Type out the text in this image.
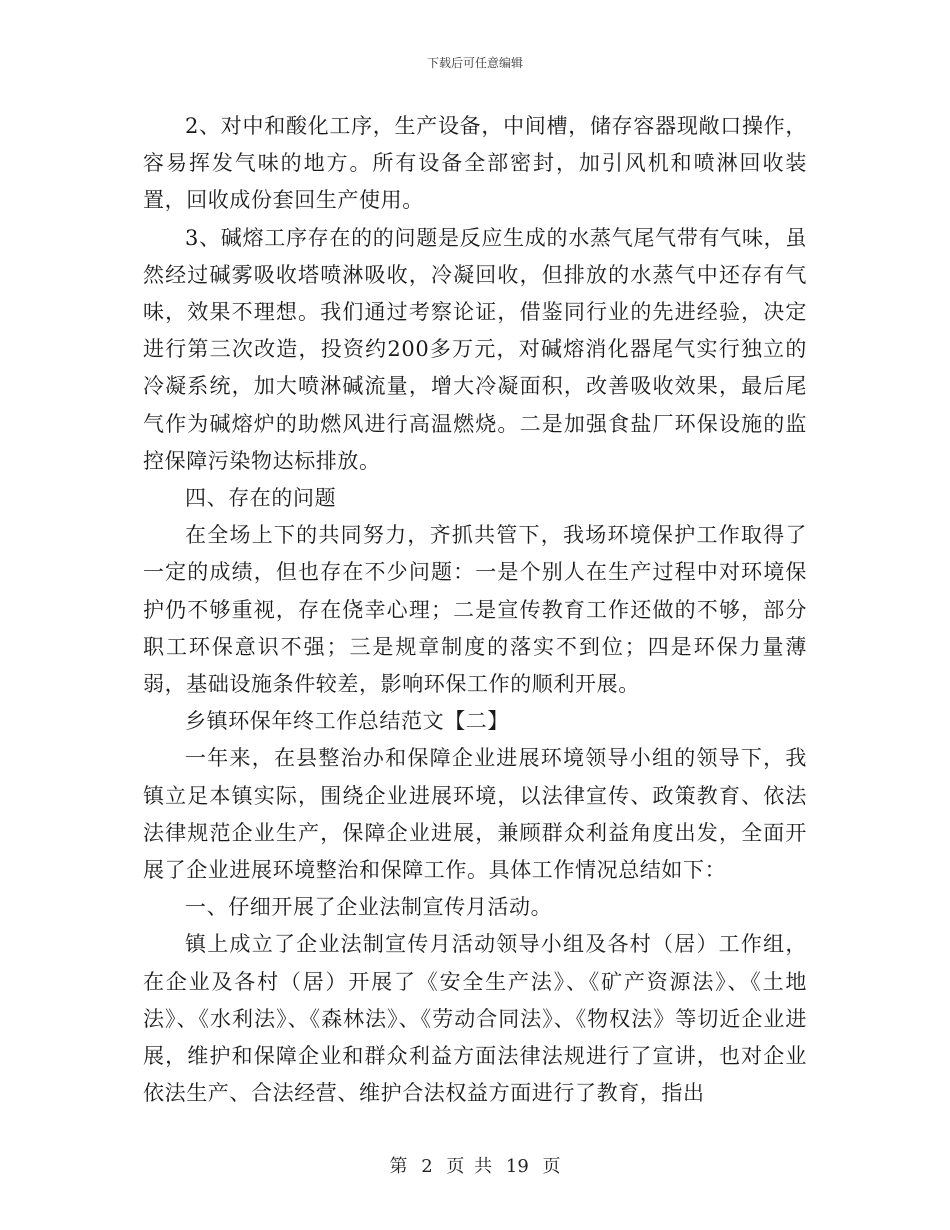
下载后可任意编辑

2、对中和酸化工序，生产设备，中间槽，储存容器现敞口操作，容易挥发气味的地方。所有设备全部密封，加引风机和喷淋回收装置，回收成份套回生产使用。

3、碱熔工序存在的的问题是反应生成的水蒸气尾气带有气味，虽然经过碱雾吸收塔喷淋吸收，冷凝回收，但排放的水蒸气中还存有气味，效果不理想。我们通过考察论证，借鉴同行业的先进经验，决定进行第三次改造，投资约200多万元，对碱熔消化器尾气实行独立的冷凝系统，加大喷淋碱流量，增大冷凝面积，改善吸收效果，最后尾气作为碱熔炉的助燃风进行高温燃烧。二是加强食盐厂环保设施的监控保障污染物达标排放。

四、存在的问题

在全场上下的共同努力，齐抓共管下，我场环境保护工作取得了一定的成绩，但也存在不少问题：一是个别人在生产过程中对环境保护仍不够重视，存在侥幸心理；二是宣传教育工作还做的不够，部分职工环保意识不强；三是规章制度的落实不到位；四是环保力量薄弱，基础设施条件较差，影响环保工作的顺利开展。

乡镇环保年终工作总结范文【二】

一年来，在县整治办和保障企业进展环境领导小组的领导下，我镇立足本镇实际，围绕企业进展环境，以法律宣传、政策教育、依法法律规范企业生产，保障企业进展，兼顾群众利益角度出发，全面开展了企业进展环境整治和保障工作。具体工作情况总结如下：

一、仔细开展了企业法制宣传月活动。

镇上成立了企业法制宣传月活动领导小组及各村（居）工作组，在企业及各村（居）开展了《安全生产法》、《矿产资源法》、《土地法》、《水利法》、《森林法》、《劳动合同法》、《物权法》等切近企业进展，维护和保障企业和群众利益方面法律法规进行了宣讲，也对企业依法生产、合法经营、维护合法权益方面进行了教育，指出

第 2 页 共 19 页
